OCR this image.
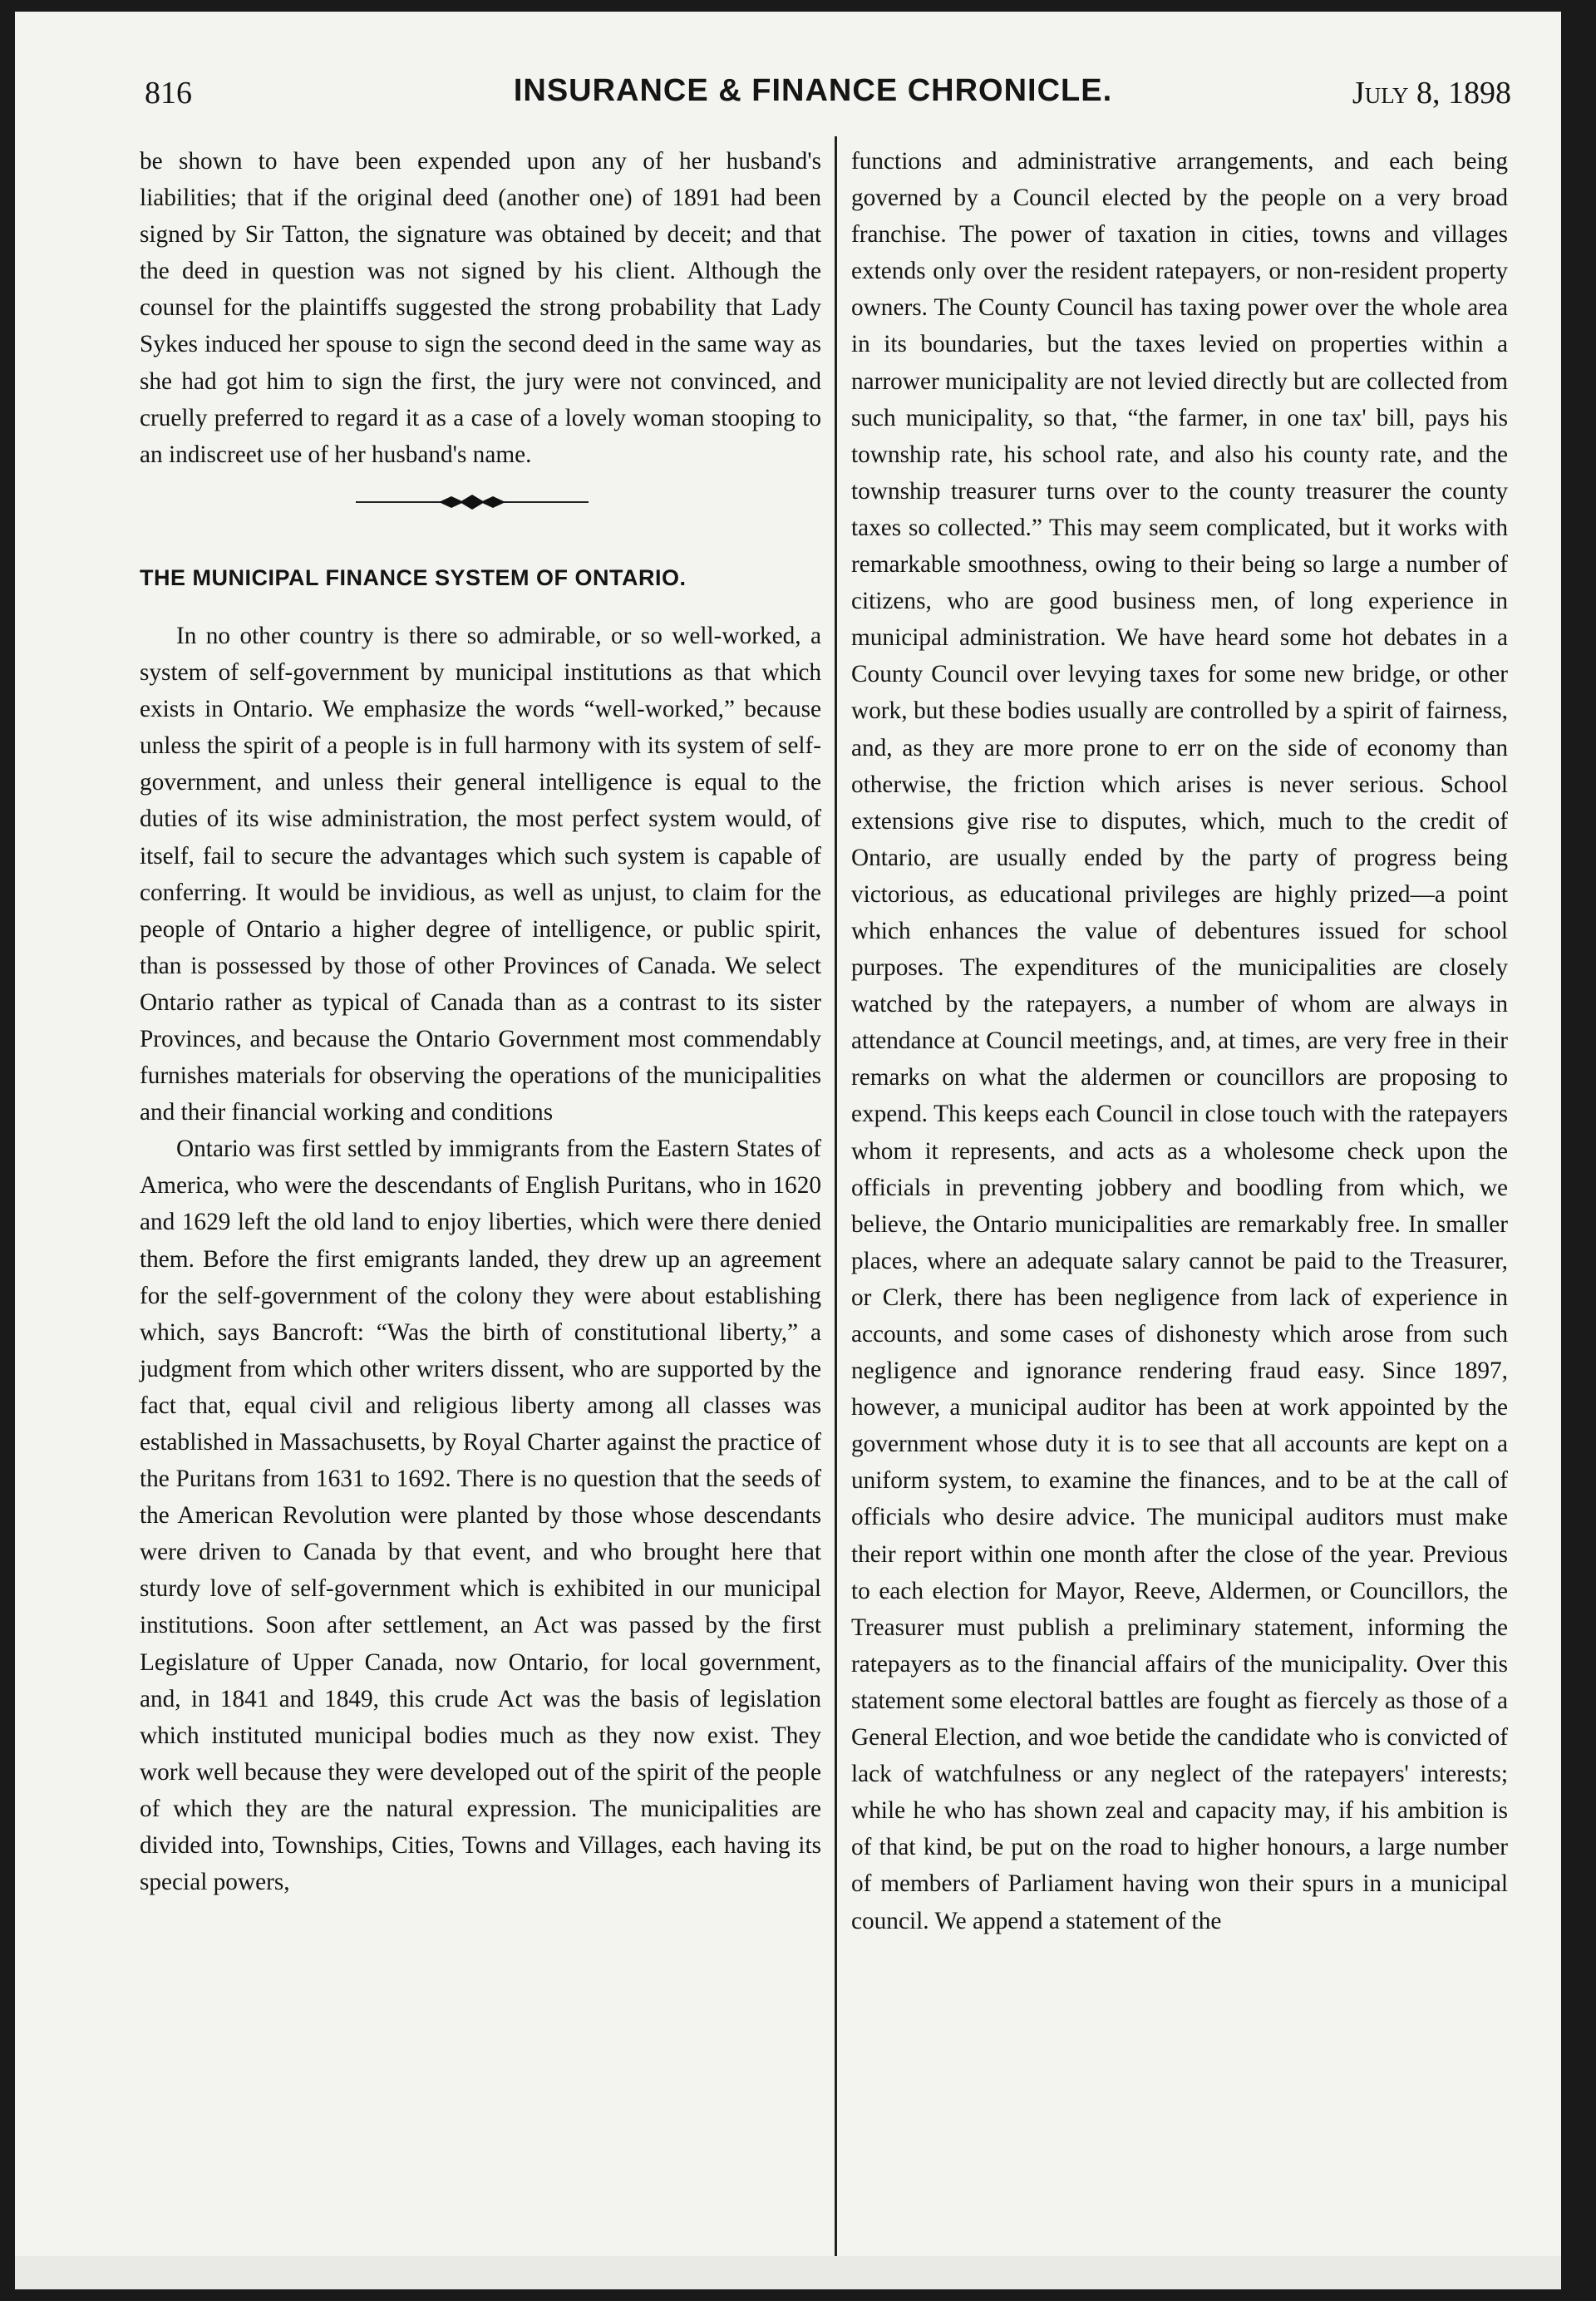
816	INSURANCE & FINANCE CHRONICLE.	July 8, 1898

be shown to have been expended upon any of her husband's liabilities; that if the original deed (another one) of 1891 had been signed by Sir Tatton, the signature was obtained by deceit; and that the deed in question was not signed by his client. Although the counsel for the plaintiffs suggested the strong probability that Lady Sykes induced her spouse to sign the second deed in the same way as she had got him to sign the first, the jury were not convinced, and cruelly preferred to regard it as a case of a lovely woman stooping to an indiscreet use of her husband's name.

THE MUNICIPAL FINANCE SYSTEM OF ONTARIO.

In no other country is there so admirable, or so well-worked, a system of self-government by municipal institutions as that which exists in Ontario. We emphasize the words “well-worked,” because unless the spirit of a people is in full harmony with its system of self-government, and unless their general intelligence is equal to the duties of its wise administration, the most perfect system would, of itself, fail to secure the advantages which such system is capable of conferring. It would be invidious, as well as unjust, to claim for the people of Ontario a higher degree of intelligence, or public spirit, than is possessed by those of other Provinces of Canada. We select Ontario rather as typical of Canada than as a contrast to its sister Provinces, and because the Ontario Government most commendably furnishes materials for observing the operations of the municipalities and their financial working and conditions

Ontario was first settled by immigrants from the Eastern States of America, who were the descendants of English Puritans, who in 1620 and 1629 left the old land to enjoy liberties, which were there denied them. Before the first emigrants landed, they drew up an agreement for the self-government of the colony they were about establishing which, says Bancroft: “Was the birth of constitutional liberty,” a judgment from which other writers dissent, who are supported by the fact that, equal civil and religious liberty among all classes was established in Massachusetts, by Royal Charter against the practice of the Puritans from 1631 to 1692. There is no question that the seeds of the American Revolution were planted by those whose descendants were driven to Canada by that event, and who brought here that sturdy love of self-government which is exhibited in our municipal institutions. Soon after settlement, an Act was passed by the first Legislature of Upper Canada, now Ontario, for local government, and, in 1841 and 1849, this crude Act was the basis of legislation which instituted municipal bodies much as they now exist. They work well because they were developed out of the spirit of the people of which they are the natural expression. The municipalities are divided into, Townships, Cities, Towns and Villages, each having its special powers,

functions and administrative arrangements, and each being governed by a Council elected by the people on a very broad franchise. The power of taxation in cities, towns and villages extends only over the resident ratepayers, or non-resident property owners. The County Council has taxing power over the whole area in its boundaries, but the taxes levied on properties within a narrower municipality are not levied directly but are collected from such municipality, so that, “the farmer, in one tax' bill, pays his township rate, his school rate, and also his county rate, and the township treasurer turns over to the county treasurer the county taxes so collected.” This may seem complicated, but it works with remarkable smoothness, owing to their being so large a number of citizens, who are good business men, of long experience in municipal administration. We have heard some hot debates in a County Council over levying taxes for some new bridge, or other work, but these bodies usually are controlled by a spirit of fairness, and, as they are more prone to err on the side of economy than otherwise, the friction which arises is never serious. School extensions give rise to disputes, which, much to the credit of Ontario, are usually ended by the party of progress being victorious, as educational privileges are highly prized—a point which enhances the value of debentures issued for school purposes. The expenditures of the municipalities are closely watched by the ratepayers, a number of whom are always in attendance at Council meetings, and, at times, are very free in their remarks on what the aldermen or councillors are proposing to expend. This keeps each Council in close touch with the ratepayers whom it represents, and acts as a wholesome check upon the officials in preventing jobbery and boodling from which, we believe, the Ontario municipalities are remarkably free. In smaller places, where an adequate salary cannot be paid to the Treasurer, or Clerk, there has been negligence from lack of experience in accounts, and some cases of dishonesty which arose from such negligence and ignorance rendering fraud easy. Since 1897, however, a municipal auditor has been at work appointed by the government whose duty it is to see that all accounts are kept on a uniform system, to examine the finances, and to be at the call of officials who desire advice. The municipal auditors must make their report within one month after the close of the year. Previous to each election for Mayor, Reeve, Aldermen, or Councillors, the Treasurer must publish a preliminary statement, informing the ratepayers as to the financial affairs of the municipality. Over this statement some electoral battles are fought as fiercely as those of a General Election, and woe betide the candidate who is convicted of lack of watchfulness or any neglect of the ratepayers' interests; while he who has shown zeal and capacity may, if his ambition is of that kind, be put on the road to higher honours, a large number of members of Parliament having won their spurs in a municipal council. We append a statement of the
